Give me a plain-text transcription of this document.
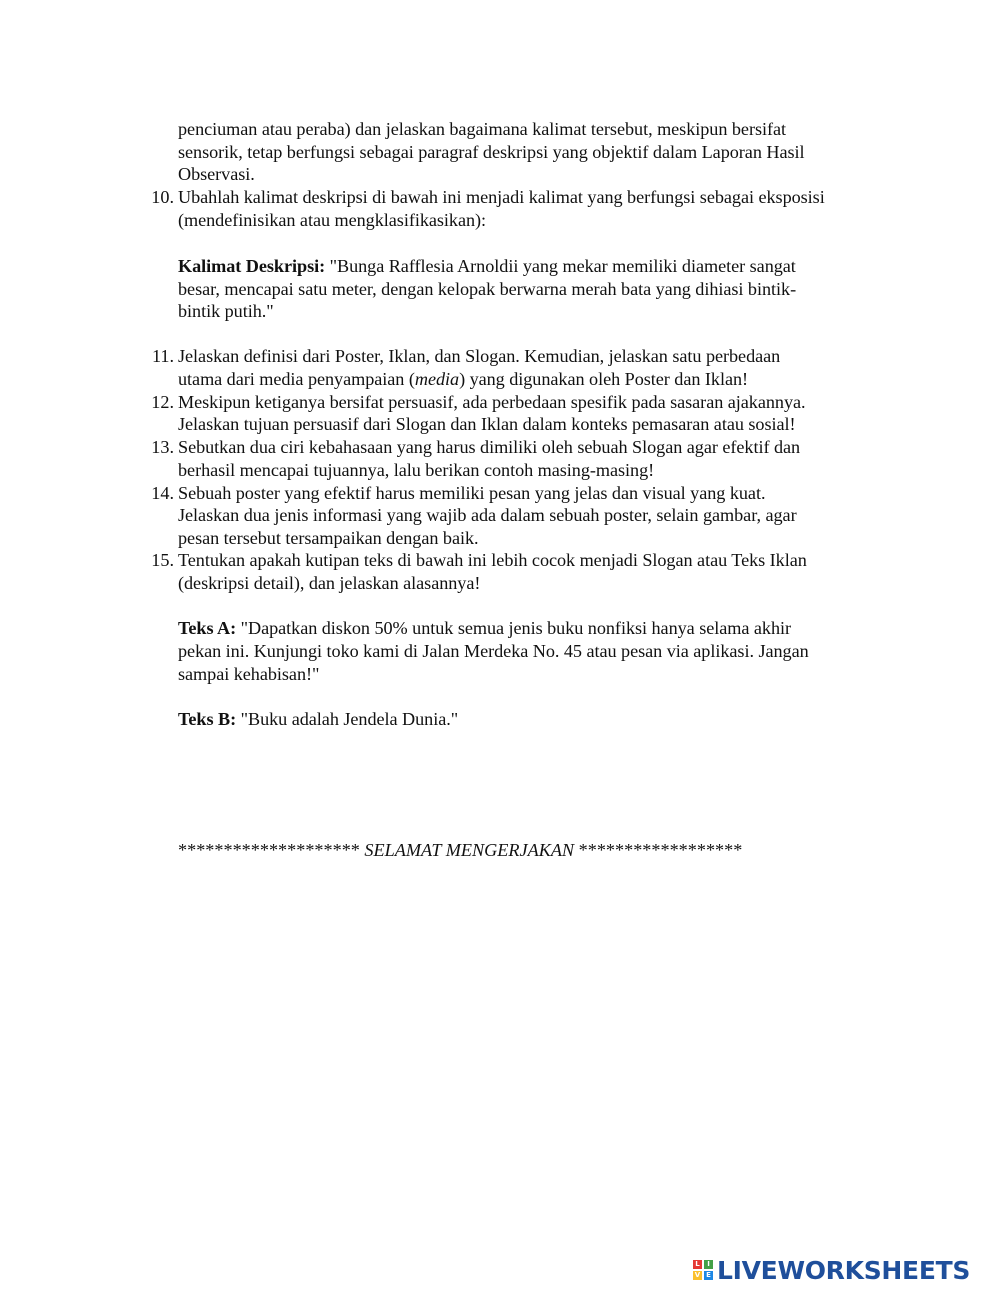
penciuman atau peraba) dan jelaskan bagaimana kalimat tersebut, meskipun bersifat
sensorik, tetap berfungsi sebagai paragraf deskripsi yang objektif dalam Laporan Hasil
Observasi.
10. Ubahlah kalimat deskripsi di bawah ini menjadi kalimat yang berfungsi sebagai eksposisi
(mendefinisikan atau mengklasifikasikan):
Kalimat Deskripsi: "Bunga Rafflesia Arnoldii yang mekar memiliki diameter sangat
besar, mencapai satu meter, dengan kelopak berwarna merah bata yang dihiasi bintik-
bintik putih."
11. Jelaskan definisi dari Poster, Iklan, dan Slogan. Kemudian, jelaskan satu perbedaan
utama dari media penyampaian (media) yang digunakan oleh Poster dan Iklan!
12. Meskipun ketiganya bersifat persuasif, ada perbedaan spesifik pada sasaran ajakannya.
Jelaskan tujuan persuasif dari Slogan dan Iklan dalam konteks pemasaran atau sosial!
13. Sebutkan dua ciri kebahasaan yang harus dimiliki oleh sebuah Slogan agar efektif dan
berhasil mencapai tujuannya, lalu berikan contoh masing-masing!
14. Sebuah poster yang efektif harus memiliki pesan yang jelas dan visual yang kuat.
Jelaskan dua jenis informasi yang wajib ada dalam sebuah poster, selain gambar, agar
pesan tersebut tersampaikan dengan baik.
15. Tentukan apakah kutipan teks di bawah ini lebih cocok menjadi Slogan atau Teks Iklan
(deskripsi detail), dan jelaskan alasannya!
Teks A: "Dapatkan diskon 50% untuk semua jenis buku nonfiksi hanya selama akhir
pekan ini. Kunjungi toko kami di Jalan Merdeka No. 45 atau pesan via aplikasi. Jangan
sampai kehabisan!"
Teks B: "Buku adalah Jendela Dunia."
******************** SELAMAT MENGERJAKAN ******************
L	I
V E LIVEWORKSHEETS
